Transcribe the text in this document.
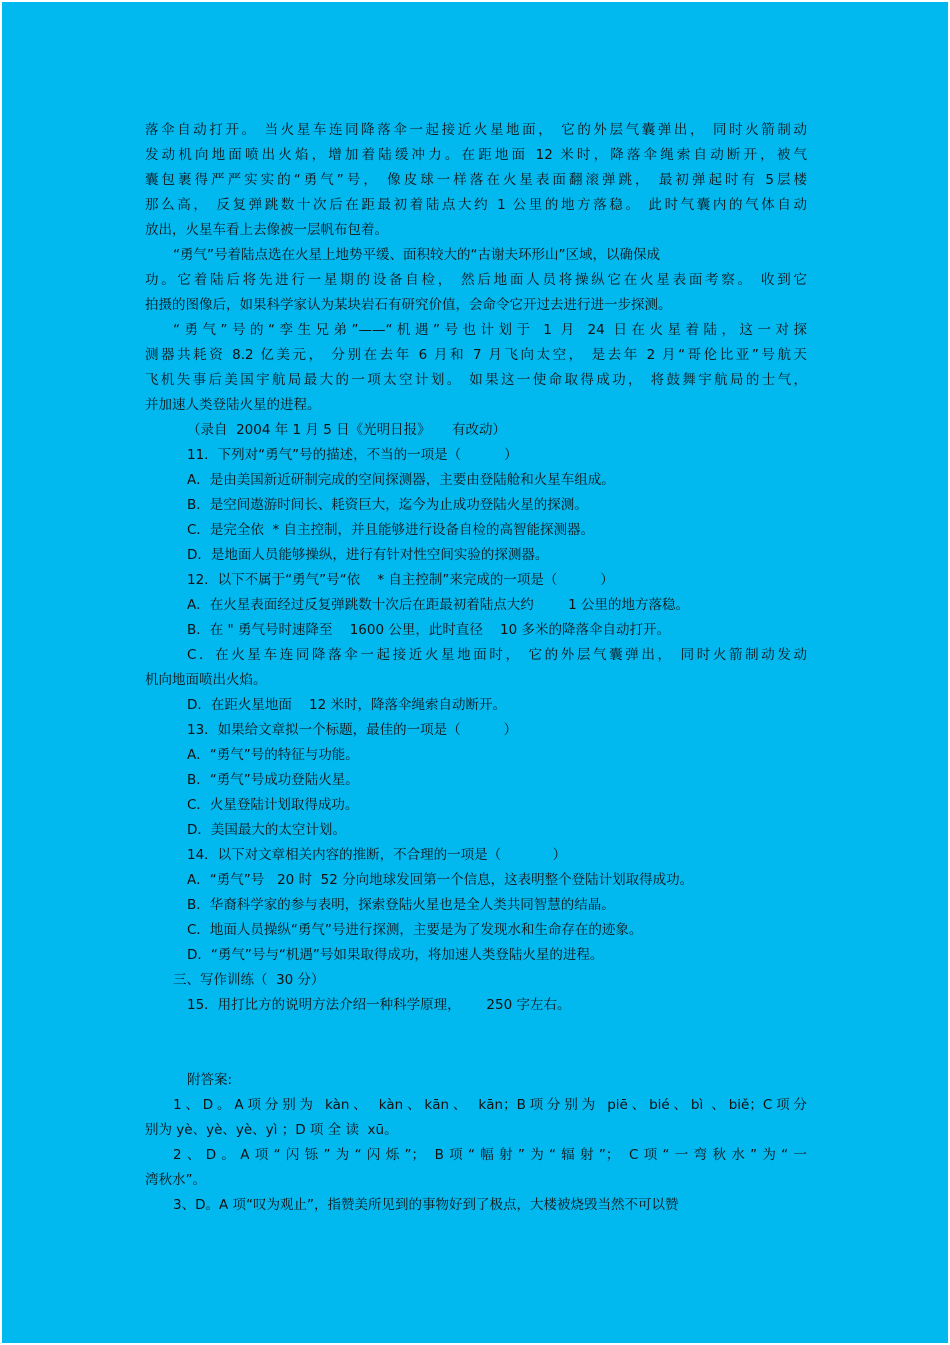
落伞自动打开。 当火星车连同降落伞一起接近火星地面， 它的外层气囊弹出， 同时火箭制动
发动机向地面喷出火焰，增加着陆缓冲力。在距地面 12 米时，降落伞绳索自动断开，被气
囊包裹得严严实实的“勇气”号， 像皮球一样落在火星表面翻滚弹跳， 最初弹起时有 5层楼
那么高， 反复弹跳数十次后在距最初着陆点大约 1 公里的地方落稳。 此时气囊内的气体自动
放出，火星车看上去像被一层帆布包着。
“勇气”号着陆点选在火星上地势平缓、面积较大的“古谢夫环形山”区域，以确保成
功。它着陆后将先进行一星期的设备自检， 然后地面人员将操纵它在火星表面考察。 收到它
拍摄的图像后，如果科学家认为某块岩石有研究价值，会命令它开过去进行进一步探测。
“勇气”号的“孪生兄弟”——“机遇”号也计划于 1 月 24 日在火星着陆，这一对探
测器共耗资 8.2 亿美元， 分别在去年 6 月和 7 月飞向太空， 是去年 2 月“哥伦比亚”号航天
飞机失事后美国宇航局最大的一项太空计划。 如果这一使命取得成功， 将鼓舞宇航局的士气，
并加速人类登陆火星的进程。
（录自  2004 年 1 月 5 日《光明日报》     有改动）
11．下列对“勇气”号的描述，不当的一项是（          ）
A．是由美国新近研制完成的空间探测器，主要由登陆舱和火星车组成。
B．是空间遨游时间长、耗资巨大，迄今为止成功登陆火星的探测。
C．是完全依  * 自主控制，并且能够进行设备自检的高智能探测器。
D．是地面人员能够操纵，进行有针对性空间实验的探测器。
12．以下不属于“勇气”号“依    * 自主控制”来完成的一项是（          ）
A．在火星表面经过反复弹跳数十次后在距最初着陆点大约        1 公里的地方落稳。
B．在 " 勇气号时速降至    1600 公里，此时直径    10 多米的降落伞自动打开。
C．在火星车连同降落伞一起接近火星地面时， 它的外层气囊弹出， 同时火箭制动发动
机向地面喷出火焰。
D．在距火星地面    12 米时，降落伞绳索自动断开。
13．如果给文章拟一个标题，最佳的一项是（          ）
A．“勇气”号的特征与功能。
B．“勇气”号成功登陆火星。
C．火星登陆计划取得成功。
D．美国最大的太空计划。
14．以下对文章相关内容的推断，不合理的一项是（            ）
A．“勇气”号   20 时  52 分向地球发回第一个信息，这表明整个登陆计划取得成功。
B．华裔科学家的参与表明，探索登陆火星也是全人类共同智慧的结晶。
C．地面人员操纵“勇气”号进行探测，主要是为了发现水和生命存在的迹象。
D．“勇气”号与“机遇”号如果取得成功，将加速人类登陆火星的进程。
三、写作训练（  30 分）
15．用打比方的说明方法介绍一种科学原理，      250 字左右。
附答案:
1、D。A项分别为 kàn、 kàn、kān、 kān；B项分别为 piē、bié、bì 、biě；C项分
别为 yè、yè、yè、yì ；D 项 全 读  xū。
2、D。A项“闪铄”为“闪烁”； B项“幅射”为“辐射”； C项“一弯秋水”为“一
湾秋水”。
3、D。A 项“叹为观止”，指赞美所见到的事物好到了极点，大楼被烧毁当然不可以赞
